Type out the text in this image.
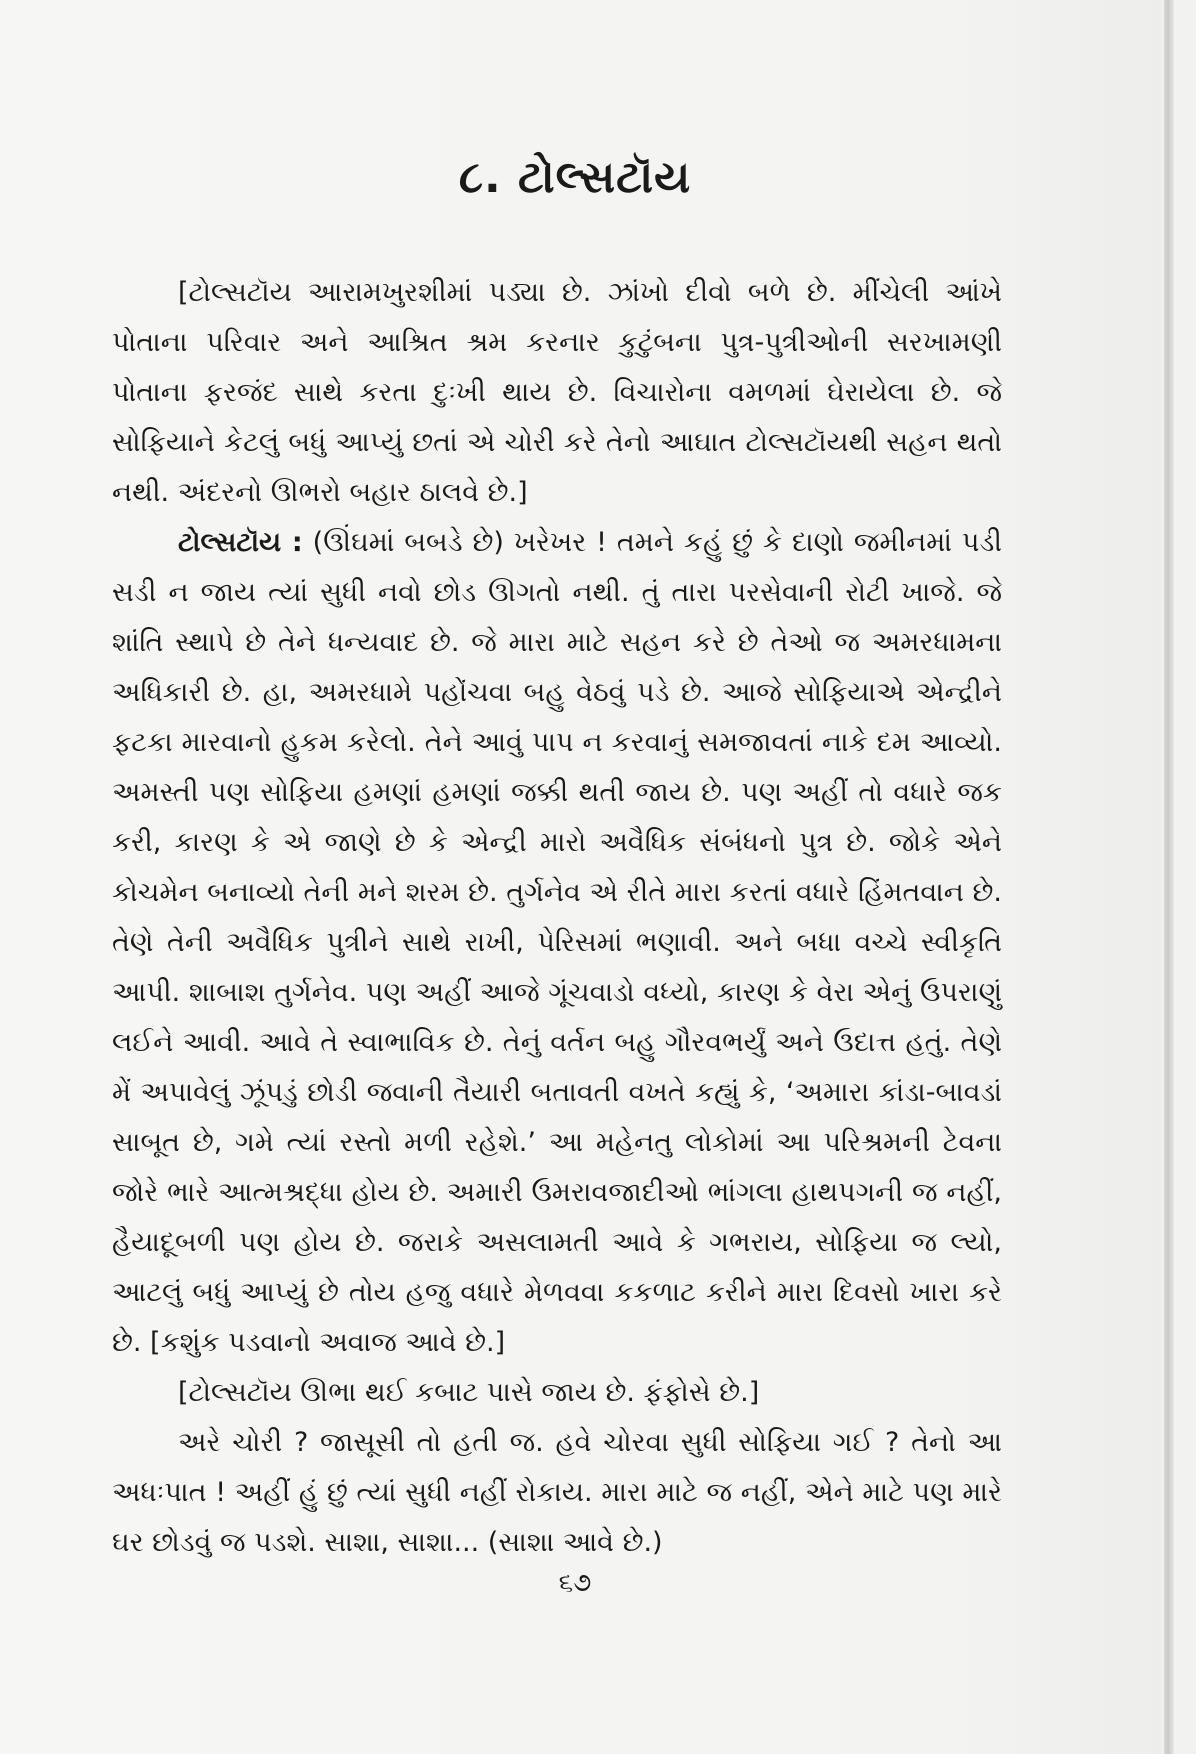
૮. ટોલ્સટૉય

[ટોલ્સટૉય આરામખુરશીમાં પડ્યા છે. ઝાંખો દીવો બળે છે. મીંચેલી આંખે પોતાના પરિવાર અને આશ્રિત શ્રમ કરનાર કુટુંબના પુત્ર-પુત્રીઓની સરખામણી પોતાના ફરજંદ સાથે કરતા દુઃખી થાય છે. વિચારોના વમળમાં ઘેરાયેલા છે. જે સોફિયાને કેટલું બધું આપ્યું છતાં એ ચોરી કરે તેનો આઘાત ટોલ્સટૉયથી સહન થતો નથી. અંદરનો ઊભરો બહાર ઠાલવે છે.]

ટોલ્સટૉય : (ઊંઘમાં બબડે છે) ખરેખર ! તમને કહું છું કે દાણો જમીનમાં પડી સડી ન જાય ત્યાં સુધી નવો છોડ ઊગતો નથી. તું તારા પરસેવાની રોટી ખાજે. જે શાંતિ સ્થાપે છે તેને ધન્યવાદ છે. જે મારા માટે સહન કરે છે તેઓ જ અમરધામના અધિકારી છે. હા, અમરધામે પહોંચવા બહુ વેઠવું પડે છે. આજે સોફિયાએ એન્દ્રીને ફટકા મારવાનો હુકમ કરેલો. તેને આવું પાપ ન કરવાનું સમજાવતાં નાકે દમ આવ્યો. અમસ્તી પણ સોફિયા હમણાં હમણાં જક્કી થતી જાય છે. પણ અહીં તો વધારે જક કરી, કારણ કે એ જાણે છે કે એન્દ્રી મારો અવૈધિક સંબંધનો પુત્ર છે. જોકે એને કોચમેન બનાવ્યો તેની મને શરમ છે. તુર્ગનેવ એ રીતે મારા કરતાં વધારે હિંમતવાન છે. તેણે તેની અવૈધિક પુત્રીને સાથે રાખી, પેરિસમાં ભણાવી. અને બધા વચ્ચે સ્વીકૃતિ આપી. શાબાશ તુર્ગનેવ. પણ અહીં આજે ગૂંચવાડો વધ્યો, કારણ કે વેરા એનું ઉપરાણું લઈને આવી. આવે તે સ્વાભાવિક છે. તેનું વર્તન બહુ ગૌરવભર્યું અને ઉદાત્ત હતું. તેણે મેં અપાવેલું ઝૂંપડું છોડી જવાની તૈયારી બતાવતી વખતે કહ્યું કે, ‘અમારા કાંડા-બાવડાં સાબૂત છે, ગમે ત્યાં રસ્તો મળી રહેશે.’ આ મહેનતુ લોકોમાં આ પરિશ્રમની ટેવના જોરે ભારે આત્મશ્રદ્ધા હોય છે. અમારી ઉમરાવજાદીઓ ભાંગલા હાથપગની જ નહીં, હૈયાદૂબળી પણ હોય છે. જરાકે અસલામતી આવે કે ગભરાય, સોફિયા જ લ્યો, આટલું બધું આપ્યું છે તોય હજુ વધારે મેળવવા કકળાટ કરીને મારા દિવસો ખારા કરે છે. [કશુંક પડવાનો અવાજ આવે છે.]

[ટોલ્સટૉય ઊભા થઈ કબાટ પાસે જાય છે. ફંફોસે છે.]

અરે ચોરી ? જાસૂસી તો હતી જ. હવે ચોરવા સુધી સોફિયા ગઈ ? તેનો આ અધઃપાત ! અહીં હું છું ત્યાં સુધી નહીં રોકાય. મારા માટે જ નહીં, એને માટે પણ મારે ઘર છોડવું જ પડશે. સાશા, સાશા... (સાશા આવે છે.)

૬૭
